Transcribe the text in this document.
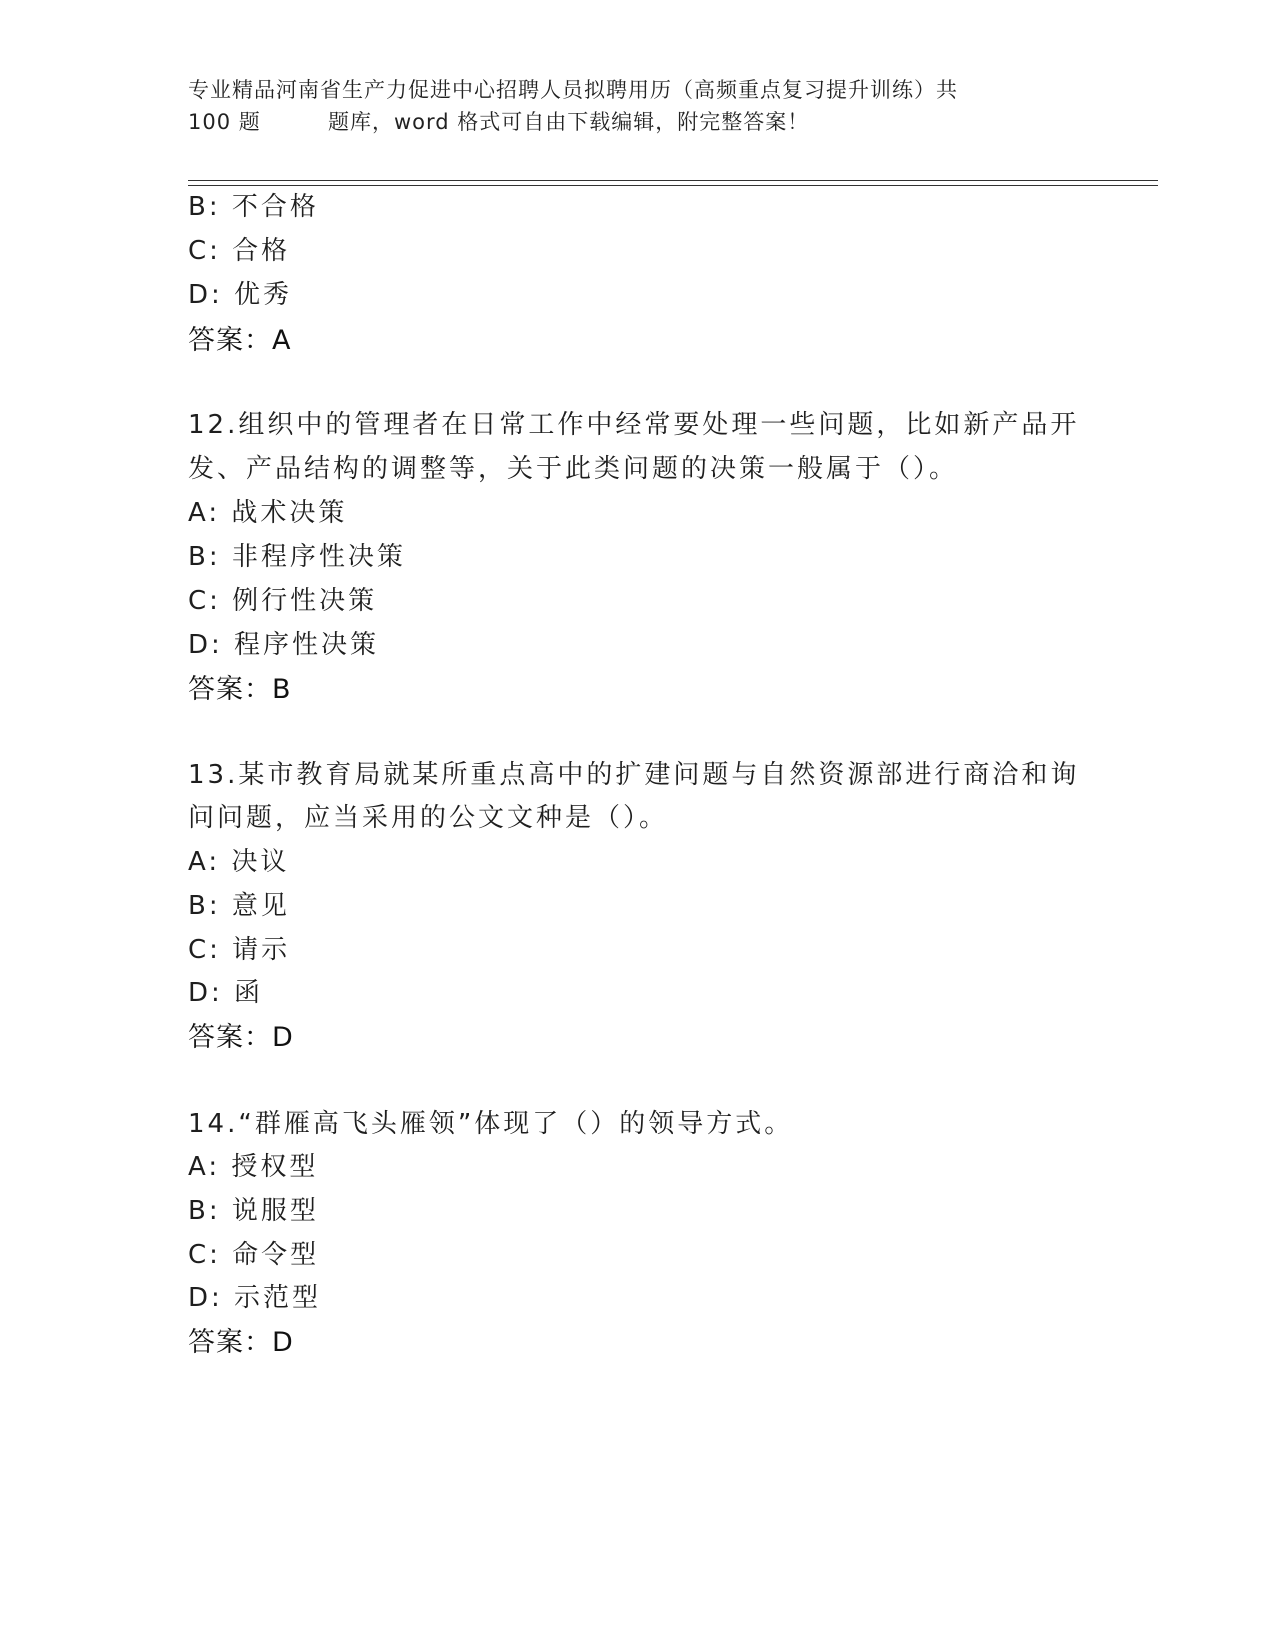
专业精品河南省生产力促进中心招聘人员拟聘用历（高频重点复习提升训练）共
100 题	题库，word 格式可自由下载编辑，附完整答案！
B: 不合格
C: 合格
D: 优秀
答案：A
12.组织中的管理者在日常工作中经常要处理一些问题，比如新产品开
发、产品结构的调整等，关于此类问题的决策一般属于（）。
A: 战术决策
B: 非程序性决策
C: 例行性决策
D: 程序性决策
答案：B
13.某市教育局就某所重点高中的扩建问题与自然资源部进行商洽和询
问问题，应当采用的公文文种是（）。
A: 决议
B: 意见
C: 请示
D: 函
答案：D
14.“群雁高飞头雁领”体现了（）的领导方式。
A: 授权型
B: 说服型
C: 命令型
D: 示范型
答案：D
